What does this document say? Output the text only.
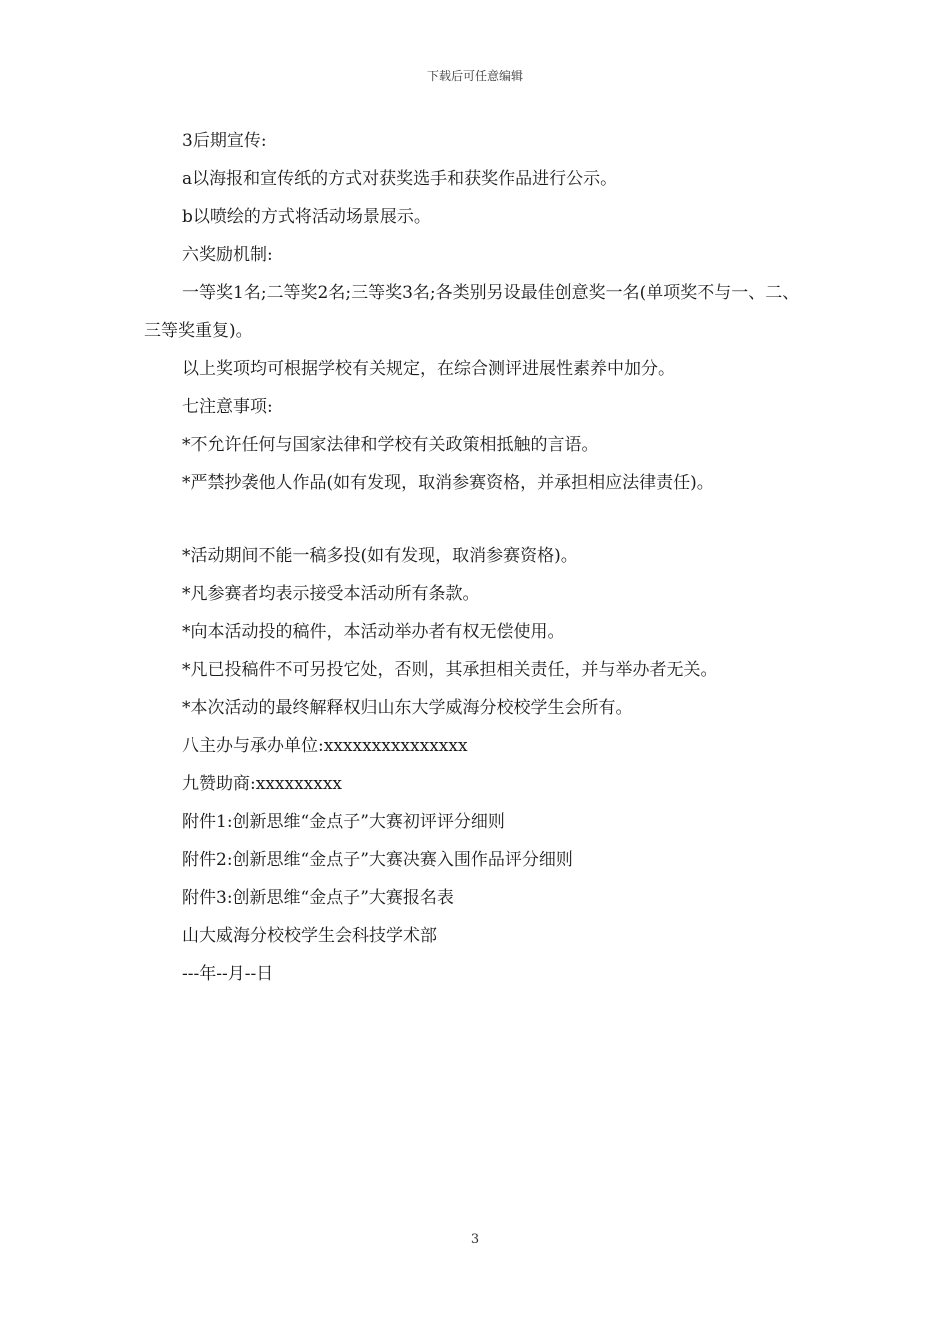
下载后可任意编辑

3后期宣传:

a以海报和宣传纸的方式对获奖选手和获奖作品进行公示。

b以喷绘的方式将活动场景展示。

六奖励机制:

一等奖1名;二等奖2名;三等奖3名;各类别另设最佳创意奖一名(单项奖不与一、二、三等奖重复)。

以上奖项均可根据学校有关规定，在综合测评进展性素养中加分。

七注意事项:

*不允许任何与国家法律和学校有关政策相抵触的言语。

*严禁抄袭他人作品(如有发现，取消参赛资格，并承担相应法律责任)。

*活动期间不能一稿多投(如有发现，取消参赛资格)。

*凡参赛者均表示接受本活动所有条款。

*向本活动投的稿件，本活动举办者有权无偿使用。

*凡已投稿件不可另投它处，否则，其承担相关责任，并与举办者无关。

*本次活动的最终解释权归山东大学威海分校校学生会所有。

八主办与承办单位:xxxxxxxxxxxxxxx

九赞助商:xxxxxxxxx

附件1:创新思维“金点子”大赛初评评分细则

附件2:创新思维“金点子”大赛决赛入围作品评分细则

附件3:创新思维“金点子”大赛报名表

山大威海分校校学生会科技学术部

---年--月--日

3
